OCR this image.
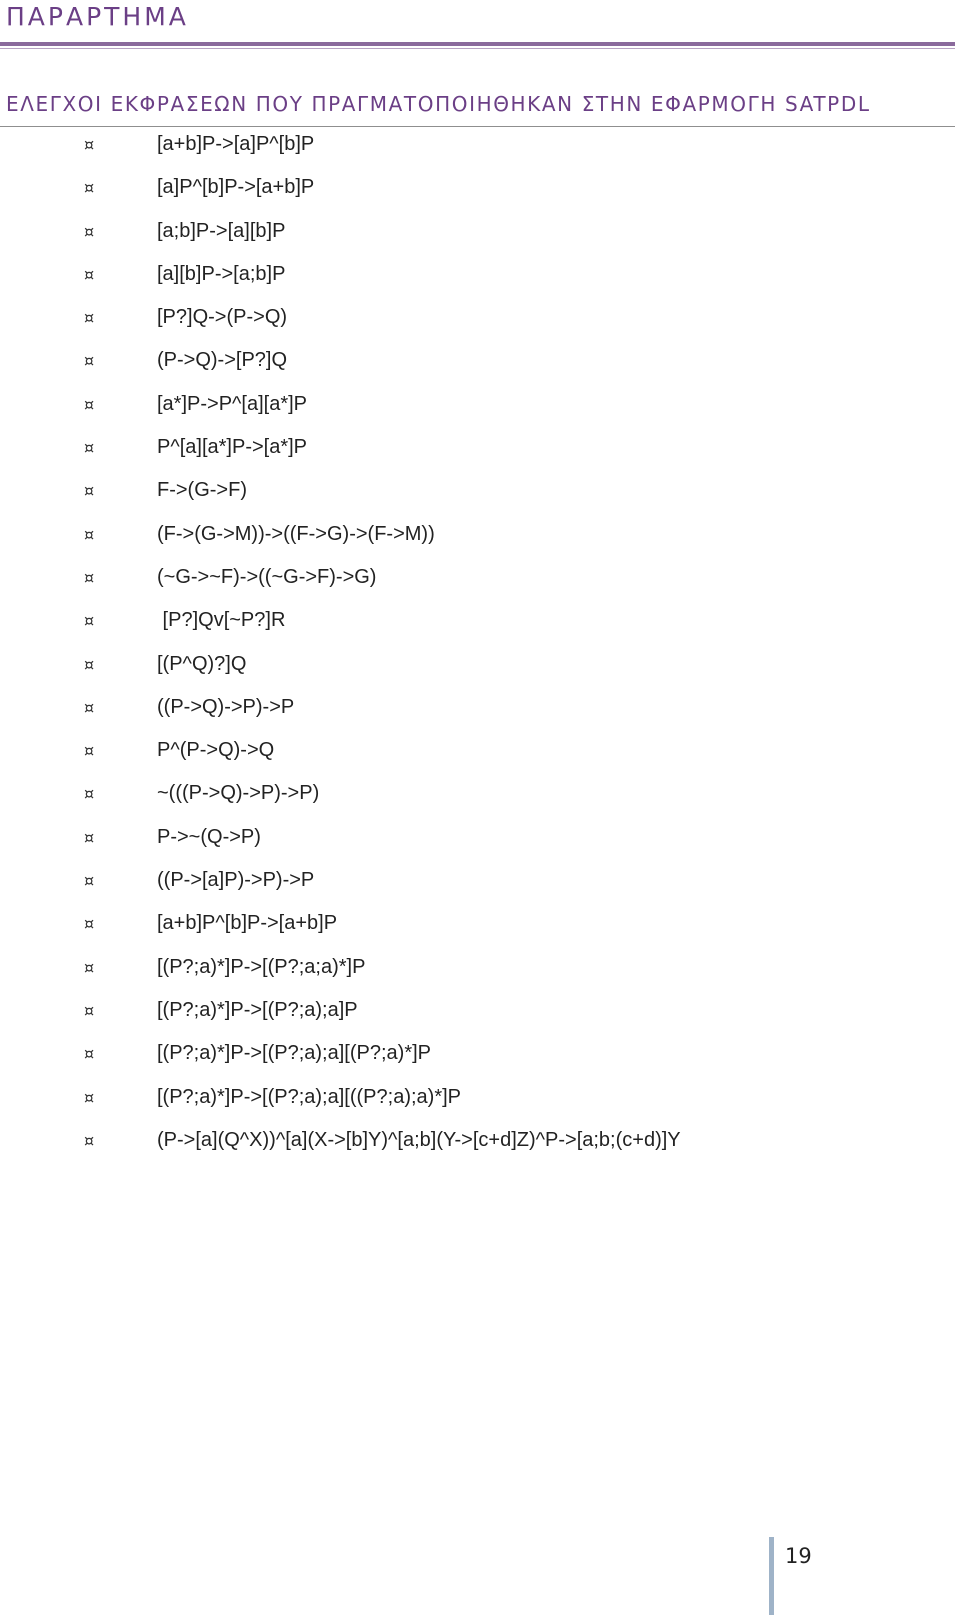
ΠΑΡΑΡΤΗΜΑ
ΕΛΕΓΧΟΙ ΕΚΦΡΑΣΕΩΝ ΠΟΥ ΠΡΑΓΜΑΤΟΠΟΙΗΘΗΚΑΝ ΣΤΗΝ ΕΦΑΡΜΟΓΗ SATPDL
¤	[a+b]P->[a]P^[b]P
¤	[a]P^[b]P->[a+b]P
¤	[a;b]P->[a][b]P
¤	[a][b]P->[a;b]P
¤	[P?]Q->(P->Q)
¤	(P->Q)->[P?]Q
¤	[a*]P->P^[a][a*]P
¤	P^[a][a*]P->[a*]P
¤	F->(G->F)
¤	(F->(G->M))->((F->G)->(F->M))
¤	(~G->~F)->((~G->F)->G)
¤	[P?]Qv[~P?]R
¤	[(P^Q)?]Q
¤	((P->Q)->P)->P
¤	P^(P->Q)->Q
¤	~(((P->Q)->P)->P)
¤	P->~(Q->P)
¤	((P->[a]P)->P)->P
¤	[a+b]P^[b]P->[a+b]P
¤	[(P?;a)*]P->[(P?;a;a)*]P
¤	[(P?;a)*]P->[(P?;a);a]P
¤	[(P?;a)*]P->[(P?;a);a][(P?;a)*]P
¤	[(P?;a)*]P->[(P?;a);a][((P?;a);a)*]P
¤	(P->[a](Q^X))^[a](X->[b]Y)^[a;b](Y->[c+d]Z)^P->[a;b;(c+d)]Y
19
